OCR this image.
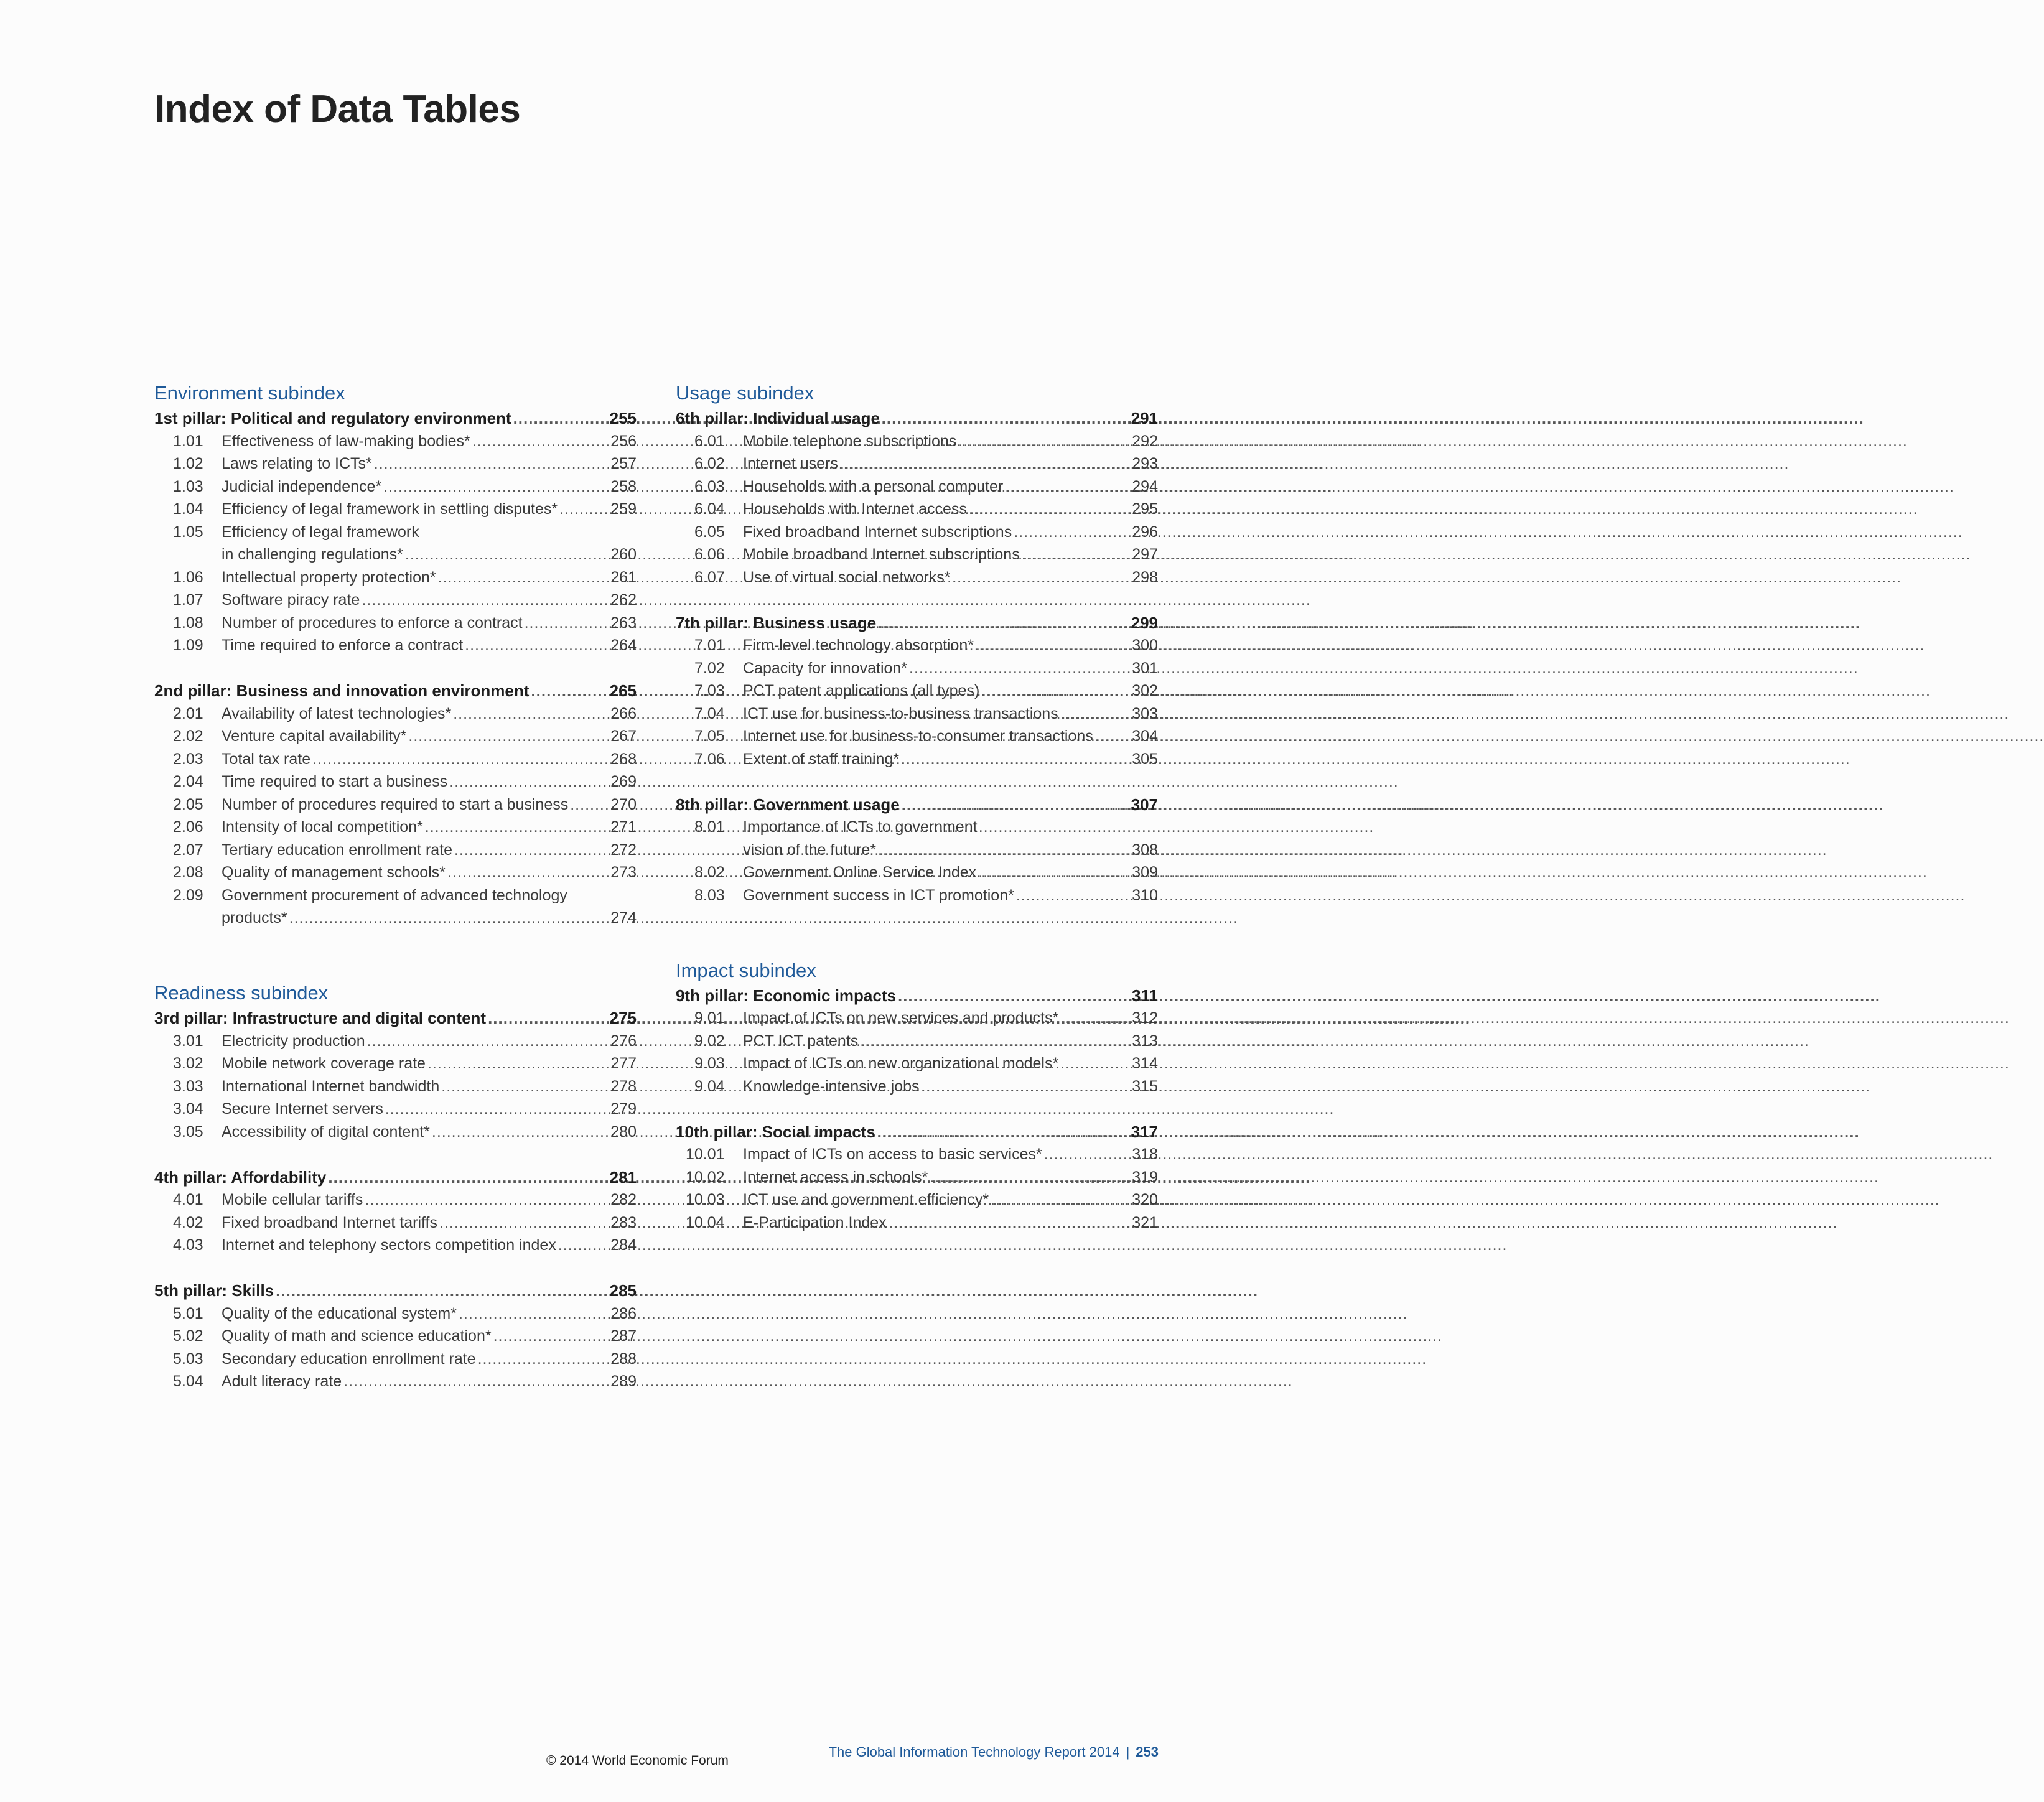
Index of Data Tables
Environment subindex
1st pillar: Political and regulatory environment .....	255
1.01	Effectiveness of law-making bodies* .....	256
1.02	Laws relating to ICTs* .....	257
1.03	Judicial independence* .....	258
1.04	Efficiency of legal framework in settling disputes* .....	259
1.05	Efficiency of legal framework
in challenging regulations* .....	260
1.06	Intellectual property protection* .....	261
1.07	Software piracy rate .....	262
1.08	Number of procedures to enforce a contract .....	263
1.09	Time required to enforce a contract .....	264
2nd pillar: Business and innovation environment .....	265
2.01	Availability of latest technologies* .....	266
2.02	Venture capital availability* .....	267
2.03	Total tax rate .....	268
2.04	Time required to start a business .....	269
2.05	Number of procedures required to start a business .....	270
2.06	Intensity of local competition* .....	271
2.07	Tertiary education enrollment rate .....	272
2.08	Quality of management schools* .....	273
2.09	Government procurement of advanced technology
products* .....	274
Readiness subindex
3rd pillar: Infrastructure and digital content .....	275
3.01	Electricity production .....	276
3.02	Mobile network coverage rate .....	277
3.03	International Internet bandwidth .....	278
3.04	Secure Internet servers .....	279
3.05	Accessibility of digital content* .....	280
4th pillar: Affordability .....	281
4.01	Mobile cellular tariffs .....	282
4.02	Fixed broadband Internet tariffs .....	283
4.03	Internet and telephony sectors competition index .....	284
5th pillar: Skills .....	285
5.01	Quality of the educational system* .....	286
5.02	Quality of math and science education* .....	287
5.03	Secondary education enrollment rate .....	288
5.04	Adult literacy rate .....	289
Usage subindex
6th pillar: Individual usage .....	291
6.01	Mobile telephone subscriptions .....	292
6.02	Internet users .....	293
6.03	Households with a personal computer .....	294
6.04	Households with Internet access .....	295
6.05	Fixed broadband Internet subscriptions .....	296
6.06	Mobile broadband Internet subscriptions .....	297
6.07	Use of virtual social networks* .....	298
7th pillar: Business usage .....	299
7.01	Firm-level technology absorption* .....	300
7.02	Capacity for innovation* .....	301
7.03	PCT patent applications (all types) .....	302
7.04	ICT use for business-to-business transactions .....	303
7.05	Internet use for business-to-consumer transactions .....	304
7.06	Extent of staff training* .....	305
8th pillar: Government usage .....	307
8.01	Importance of ICTs to government
vision of the future* .....	308
8.02	Government Online Service Index .....	309
8.03	Government success in ICT promotion* .....	310
Impact subindex
9th pillar: Economic impacts .....	311
9.01	Impact of ICTs on new services and products* .....	312
9.02	PCT ICT patents .....	313
9.03	Impact of ICTs on new organizational models* .....	314
9.04	Knowledge-intensive jobs .....	315
10th pillar: Social impacts .....	317
10.01	Impact of ICTs on access to basic services* .....	318
10.02	Internet access in schools* .....	319
10.03	ICT use and government efficiency* .....	320
10.04	E-Participation Index .....	321
© 2014 World Economic Forum
The Global Information Technology Report 2014 | 253
